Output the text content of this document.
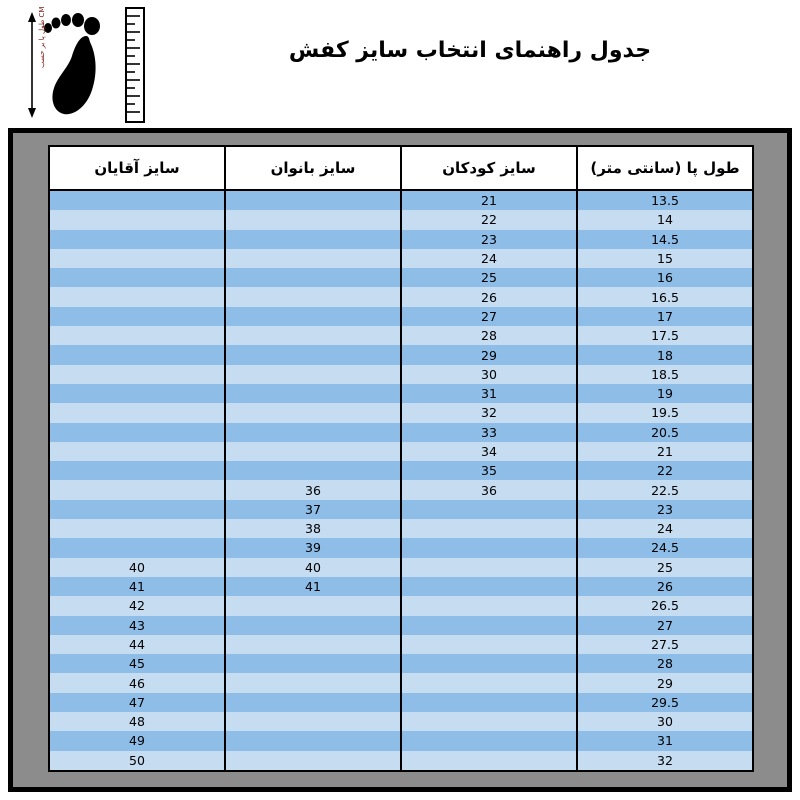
طول پا بر حسب CM
جدول راهنمای انتخاب سایز کفش
طول پا (سانتی متر)	سایز کودکان	سایز بانوان	سایز آقایان
13.5	21		
14	22		
14.5	23		
15	24		
16	25		
16.5	26		
17	27		
17.5	28		
18	29		
18.5	30		
19	31		
19.5	32		
20.5	33		
21	34		
22	35		
22.5	36	36	
23		37	
24		38	
24.5		39	
25		40	40
26		41	41
26.5			42
27			43
27.5			44
28			45
29			46
29.5			47
30			48
31			49
32			50
